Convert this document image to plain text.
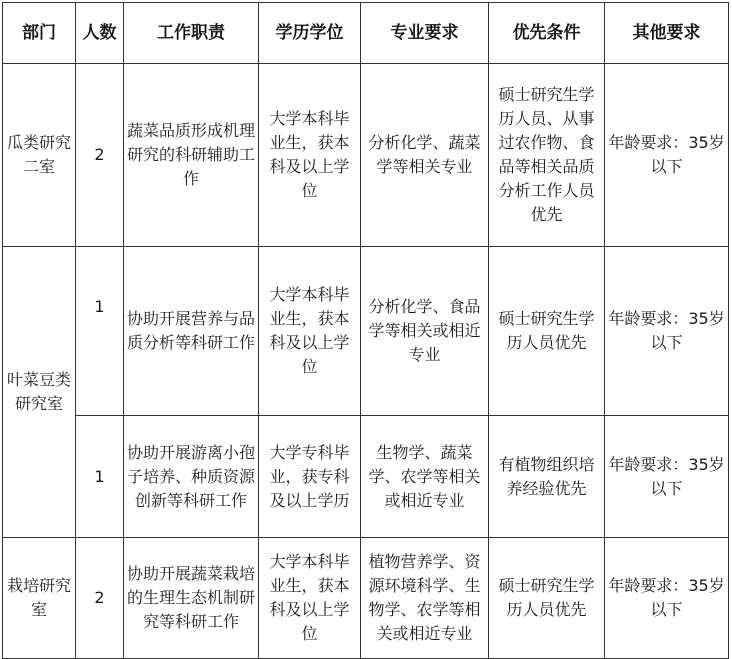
部门	人数	工作职责	学历学位	专业要求	优先条件	其他要求
瓜类研究二室	2	蔬菜品质形成机理研究的科研辅助工作	大学本科毕业生，获本科及以上学位	分析化学、蔬菜学等相关专业	硕士研究生学历人员、从事过农作物、食品等相关品质分析工作人员优先	年龄要求：35岁以下
叶菜豆类研究室	1	协助开展营养与品质分析等科研工作	大学本科毕业生，获本科及以上学位	分析化学、食品学等相关或相近专业	硕士研究生学历人员优先	年龄要求：35岁以下
	1	协助开展游离小孢子培养、种质资源创新等科研工作	大学专科毕业，获专科及以上学历	生物学、蔬菜学、农学等相关或相近专业	有植物组织培养经验优先	年龄要求：35岁以下
栽培研究室	2	协助开展蔬菜栽培的生理生态机制研究等科研工作	大学本科毕业生，获本科及以上学位	植物营养学、资源环境科学、生物学、农学等相关或相近专业	硕士研究生学历人员优先	年龄要求：35岁以下
